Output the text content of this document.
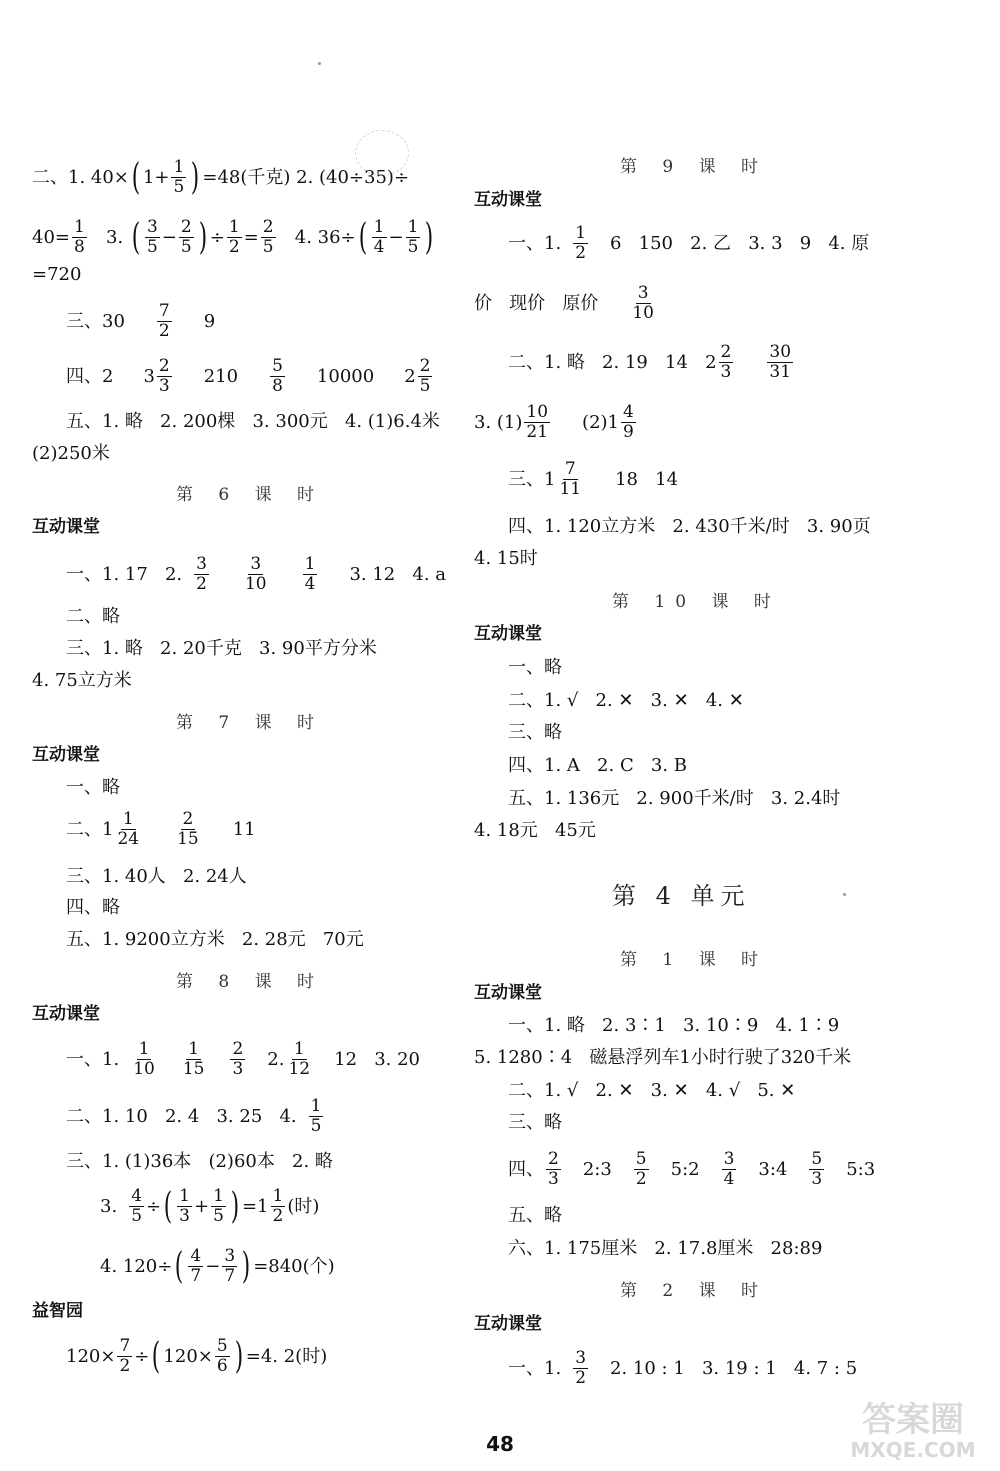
二、1. 40× ( $1+ \frac{1}{5}$ ) =48(千克) 2. (40÷35)÷
$40= \frac{1}{8} 3$. ( $\frac{3}{5} - \frac{2}{5}$ ) ÷ $\frac{1}{2} = \frac{2}{5} 4$. 36÷ ( $\frac{1}{4} - \frac{1}{5}$ )
=720
三、$30 \frac{7}{2} 9$
四、2 $3 \frac{2}{3} 210 \frac{5}{8} 10000$ $2 \frac{2}{5}$
五、1. 略   2. 200棵   3. 300元   4. (1)6.4米
(2)250米
第 6 课 时
互动课堂
一、1. 17   2. $\frac{3}{2} \frac{3}{10} \frac{1}{4} 3$. 12   4. a
二、略
三、1. 略   2. 20千克   3. 90平方分米
4. 75立方米
第 7 课 时
互动课堂
一、略
二、$1 \frac{1}{24} \frac{2}{15} 11$
三、1. 40人   2. 24人
四、略
五、1. 9200立方米   2. 28元   70元
第 8 课 时
互动课堂
一、1. $\frac{1}{10} \frac{1}{15} \frac{2}{3} 2$. $\frac{1}{12} 12$   3. 20
二、1. 10   2. 4   3. 25   4. $\frac{1}{5}$
三、1. (1)36本   (2)60本   2. 略
3. $\frac{4}{5}$ ÷ ( $\frac{1}{3} + \frac{1}{5}$ ) $=1 \frac{1}{2}$ (时)
4. 120÷ ( $\frac{4}{7} - \frac{3}{7}$ ) =840(个)
益智园
$120\times \frac{7}{2}$ ÷ ( $120\times \frac{5}{6}$ ) =4. 2(时)
第 9 课 时
互动课堂
一、1. $\frac{1}{2} 6$   150   2. 乙   3. 3   9   4. 原
价   现价   原价 $\frac{3}{10}$
二、1. 略   2. 19   14   $2 \frac{2}{3} \frac{30}{31}$
3. $(1) \frac{10}{21} (2)1 \frac{4}{9}$
三、$1 \frac{7}{11} 18$   14
四、1. 120立方米   2. 430千米/时   3. 90页
4. 15时
第 10 课 时
互动课堂
一、略
二、1. √   2. ✕   3. ✕   4. ✕
三、略
四、1. A   2. C   3. B
五、1. 136元   2. 900千米/时   3. 2.4时
4. 18元   45元
第 4 单元
第 1 课 时
互动课堂
一、1. 略   2. 3∶1   3. 10∶9   4. 1∶9
5. 1280∶4   磁悬浮列车1小时行驶了320千米
二、1. √   2. ✕   3. ✕   4. √   5. ✕
三、略
四、 $\frac{2}{3}$ 2:3 $\frac{5}{2}$ 5:2 $\frac{3}{4}$ 3:4 $\frac{5}{3}$ 5:3
五、略
六、1. 175厘米   2. 17.8厘米   28:89
第 2 课 时
互动课堂
一、1. $\frac{3}{2} 2$. 10 : 1   3. 19 : 1   4. 7 : 5
48
答案圈
MXQE.COM
